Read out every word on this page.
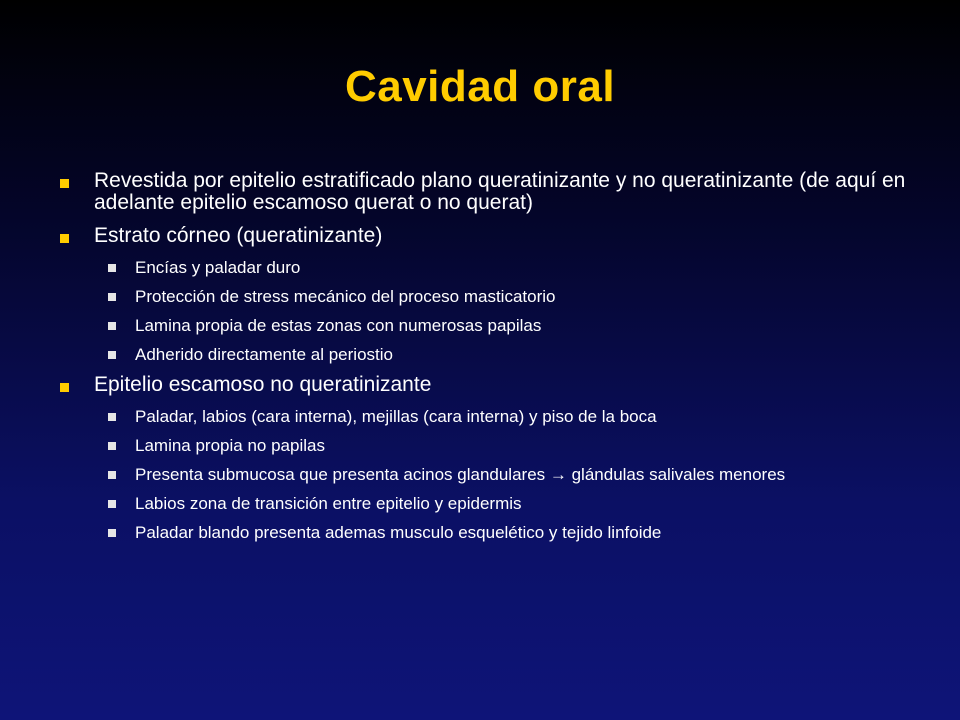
Cavidad oral
Revestida por epitelio estratificado plano queratinizante y no queratinizante (de aquí en adelante epitelio escamoso querat o no querat)
Estrato córneo (queratinizante)
Encías y paladar duro
Protección de stress mecánico del proceso masticatorio
Lamina propia de estas zonas con numerosas papilas
Adherido directamente al periostio
Epitelio escamoso no queratinizante
Paladar, labios (cara interna), mejillas (cara interna) y piso de la boca
Lamina propia no papilas
Presenta submucosa que presenta acinos glandulares → glándulas salivales menores
Labios zona de transición entre epitelio y epidermis
Paladar blando presenta ademas musculo esquelético y tejido linfoide
